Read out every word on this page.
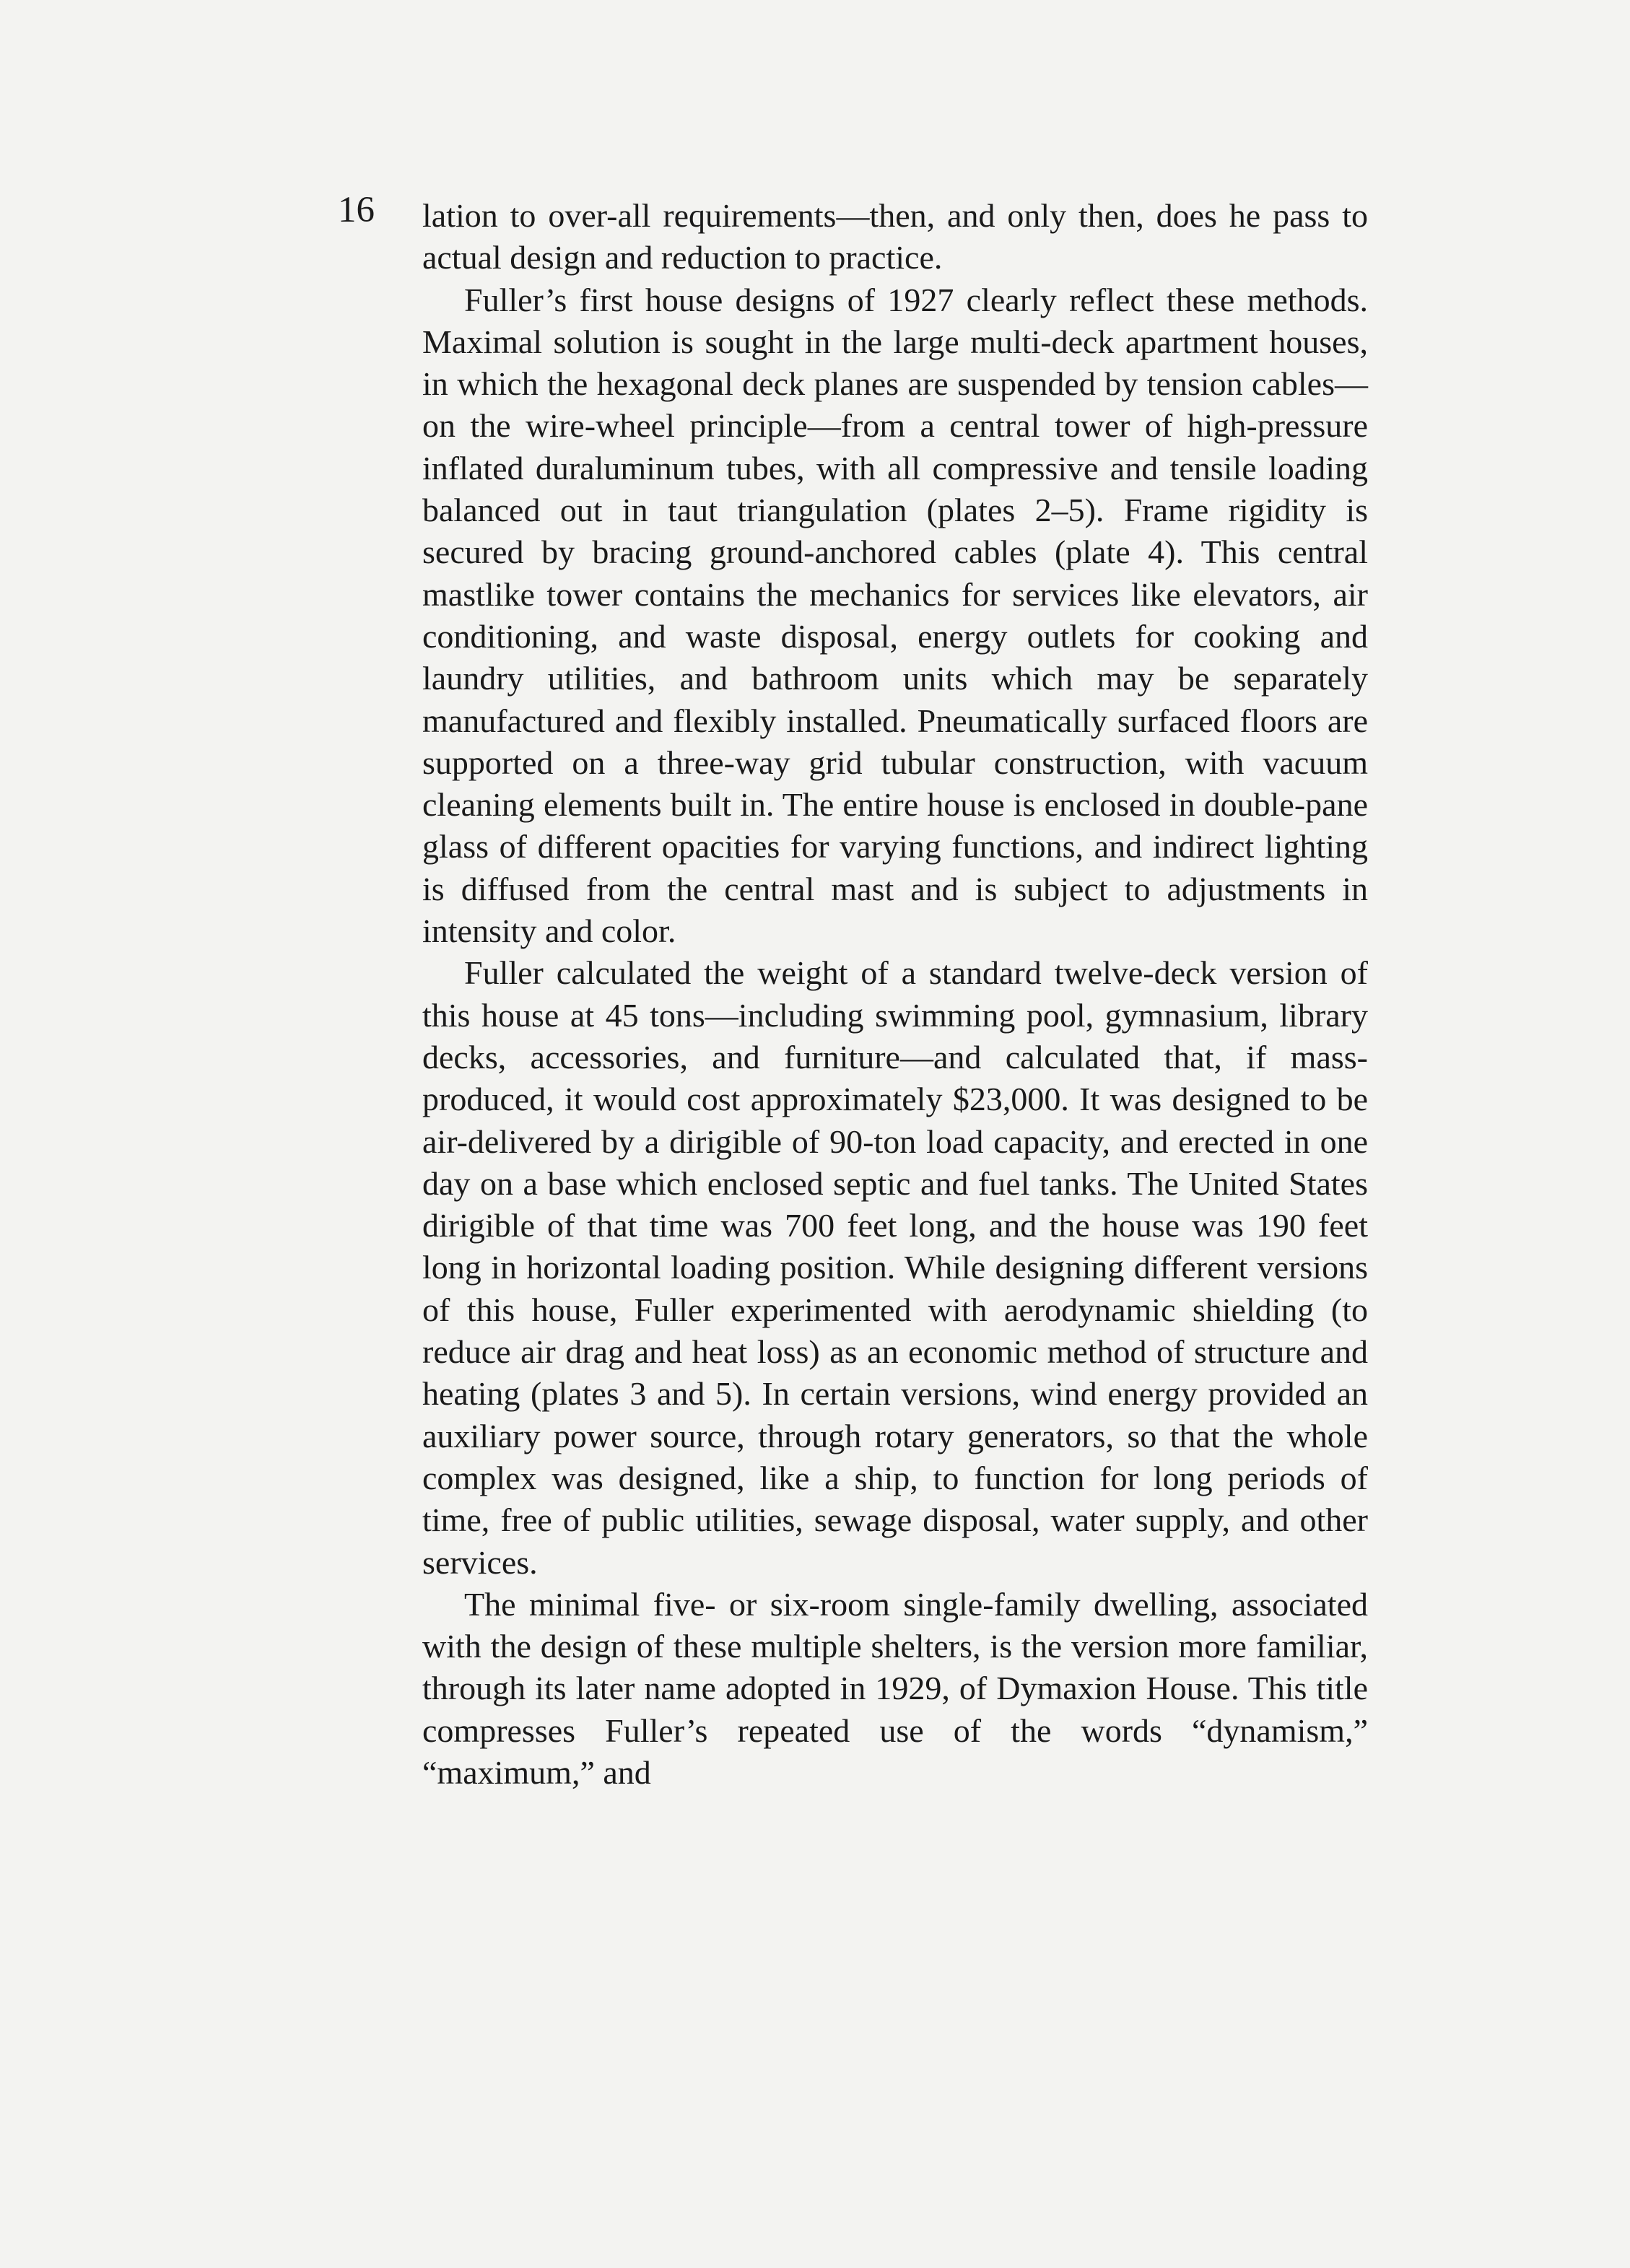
16 lation to over-all requirements—then, and only then, does he pass to actual design and reduction to practice.

Fuller’s first house designs of 1927 clearly reflect these methods. Maximal solution is sought in the large multi-deck apartment houses, in which the hexagonal deck planes are suspended by tension cables—on the wire-wheel principle—from a central tower of high-pressure inflated duraluminum tubes, with all compressive and tensile loading balanced out in taut triangulation (plates 2–5). Frame rigidity is secured by bracing ground-anchored cables (plate 4). This central mastlike tower contains the mechanics for services like elevators, air conditioning, and waste disposal, energy outlets for cooking and laundry utilities, and bathroom units which may be separately manufactured and flexibly installed. Pneumatically surfaced floors are supported on a three-way grid tubular construction, with vacuum cleaning elements built in. The entire house is enclosed in double-pane glass of different opacities for varying functions, and indirect lighting is diffused from the central mast and is subject to adjustments in intensity and color.

Fuller calculated the weight of a standard twelve-deck version of this house at 45 tons—including swimming pool, gymnasium, library decks, accessories, and furniture—and calculated that, if mass-produced, it would cost approximately $23,000. It was designed to be air-delivered by a dirigible of 90-ton load capacity, and erected in one day on a base which enclosed septic and fuel tanks. The United States dirigible of that time was 700 feet long, and the house was 190 feet long in horizontal loading position. While designing different versions of this house, Fuller experimented with aerodynamic shielding (to reduce air drag and heat loss) as an economic method of structure and heating (plates 3 and 5). In certain versions, wind energy provided an auxiliary power source, through rotary generators, so that the whole complex was designed, like a ship, to function for long periods of time, free of public utilities, sewage disposal, water supply, and other services.

The minimal five- or six-room single-family dwelling, associated with the design of these multiple shelters, is the version more familiar, through its later name adopted in 1929, of Dymaxion House. This title compresses Fuller’s repeated use of the words “dynamism,” “maximum,” and
